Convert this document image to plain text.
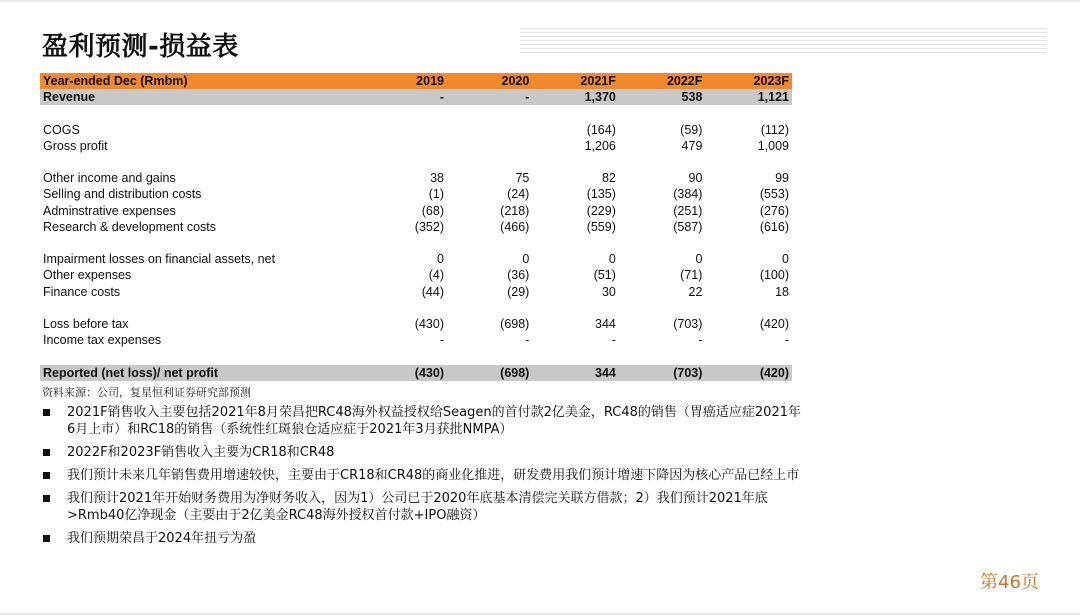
盈利预测-损益表
Year-ended Dec (Rmbm)	2019	2020	2021F	2022F	2023F
Revenue	-	-	1,370	538	1,121

COGS			(164)	(59)	(112)
Gross profit			1,206	479	1,009

Other income and gains	38	75	82	90	99
Selling and distribution costs	(1)	(24)	(135)	(384)	(553)
Adminstrative expenses	(68)	(218)	(229)	(251)	(276)
Research & development costs	(352)	(466)	(559)	(587)	(616)

Impairment losses on financial assets, net	0	0	0	0	0
Other expenses	(4)	(36)	(51)	(71)	(100)
Finance costs	(44)	(29)	30	22	18

Loss before tax	(430)	(698)	344	(703)	(420)
Income tax expenses	-	-	-	-	-

Reported (net loss)/ net profit	(430)	(698)	344	(703)	(420)
资料来源：公司，复星恒利证券研究部预测
2021F销售收入主要包括2021年8月荣昌把RC48海外权益授权给Seagen的首付款2亿美金，RC48的销售（胃癌适应症2021年6月上市）和RC18的销售（系统性红斑狼仓适应症于2021年3月获批NMPA）
2022F和2023F销售收入主要为CR18和CR48
我们预计未来几年销售费用增速较快，主要由于CR18和CR48的商业化推进，研发费用我们预计增速下降因为核心产品已经上市
我们预计2021年开始财务费用为净财务收入，因为1）公司已于2020年底基本清偿完关联方借款；2）我们预计2021年底>Rmb40亿净现金（主要由于2亿美金RC48海外授权首付款+IPO融资）
我们预期荣昌于2024年扭亏为盈
第46页
